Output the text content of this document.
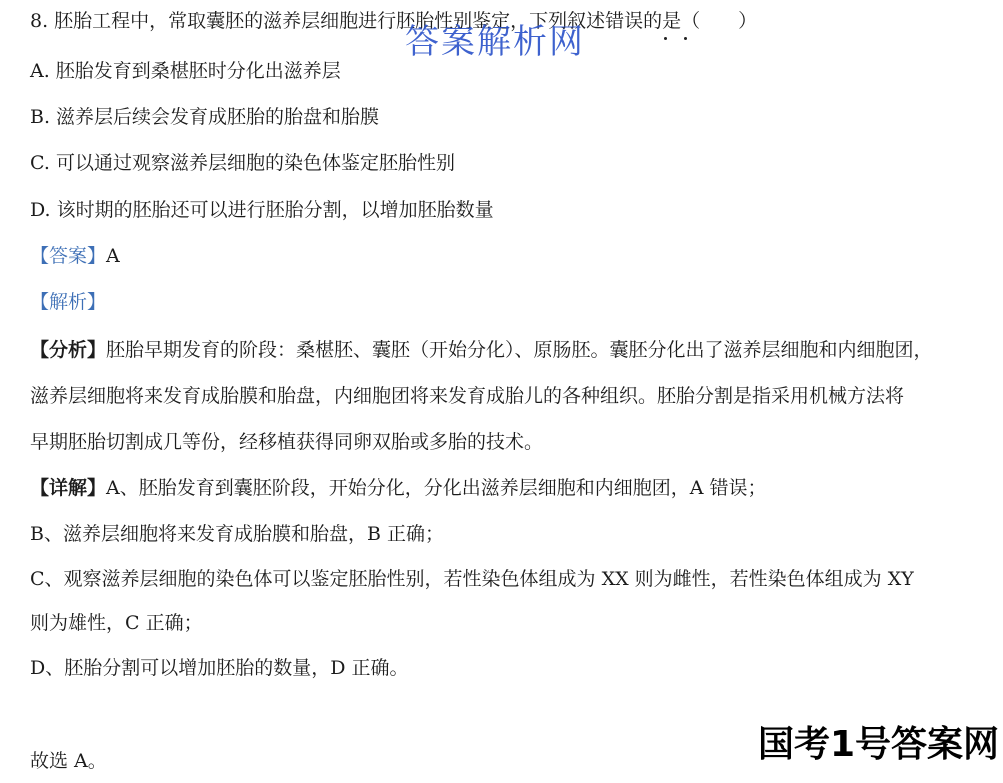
8. 胚胎工程中，常取囊胚的滋养层细胞进行胚胎性别鉴定，下列叙述错误的是（　　）
A. 胚胎发育到桑椹胚时分化出滋养层
B. 滋养层后续会发育成胚胎的胎盘和胎膜
C. 可以通过观察滋养层细胞的染色体鉴定胚胎性别
D. 该时期的胚胎还可以进行胚胎分割，以增加胚胎数量
【答案】A
【解析】
【分析】胚胎早期发育的阶段：桑椹胚、囊胚（开始分化）、原肠胚。囊胚分化出了滋养层细胞和内细胞团，
滋养层细胞将来发育成胎膜和胎盘，内细胞团将来发育成胎儿的各种组织。胚胎分割是指采用机械方法将
早期胚胎切割成几等份，经移植获得同卵双胎或多胎的技术。
【详解】A、胚胎发育到囊胚阶段，开始分化，分化出滋养层细胞和内细胞团，A 错误；
B、滋养层细胞将来发育成胎膜和胎盘，B 正确；
C、观察滋养层细胞的染色体可以鉴定胚胎性别，若性染色体组成为 XX 则为雌性，若性染色体组成为 XY
则为雄性，C 正确；
D、胚胎分割可以增加胚胎的数量，D 正确。
故选 A。
答案解析网
国考1号答案网
